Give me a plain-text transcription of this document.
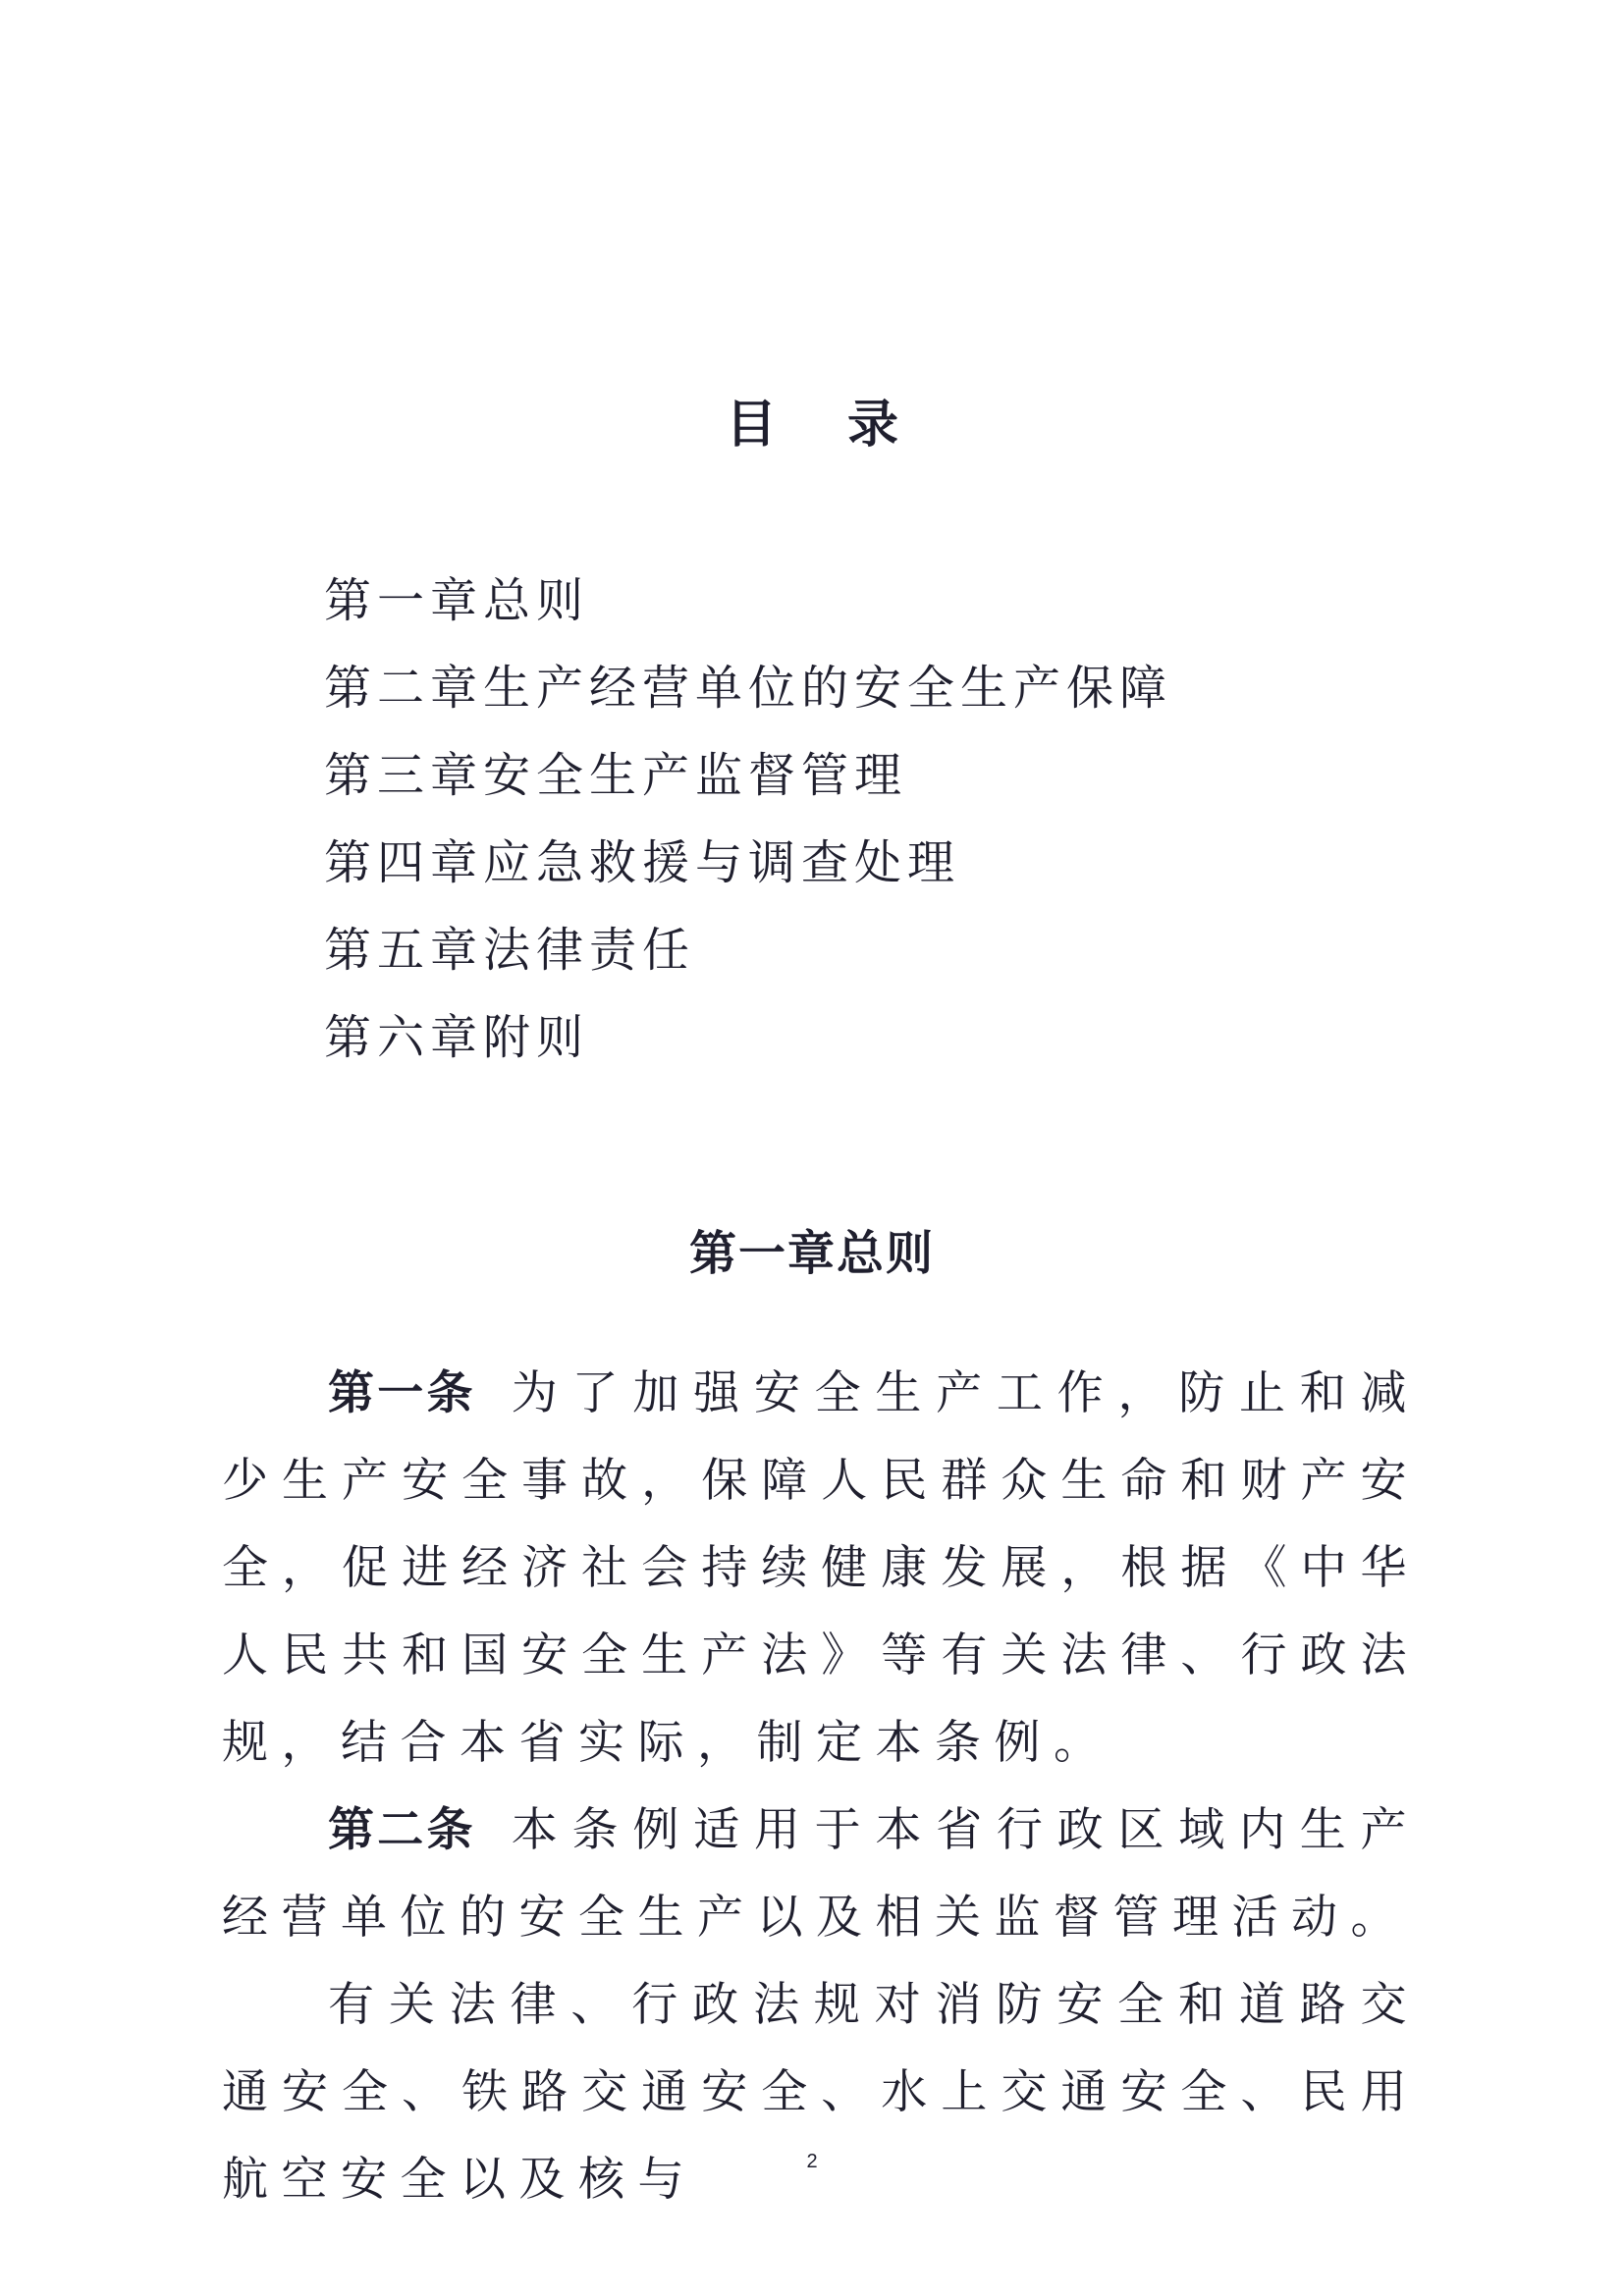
目录
第一章总则
第二章生产经营单位的安全生产保障
第三章安全生产监督管理
第四章应急救援与调查处理
第五章法律责任
第六章附则
第一章总则

第一条 为了加强安全生产工作，防止和减少生产安全事故，保障人民群众生命和财产安全，促进经济社会持续健康发展，根据《中华人民共和国安全生产法》等有关法律、行政法规，结合本省实际，制定本条例。

第二条 本条例适用于本省行政区域内生产经营单位的安全生产以及相关监督管理活动。

有关法律、行政法规对消防安全和道路交通安全、铁路交通安全、水上交通安全、民用航空安全以及核与	2
